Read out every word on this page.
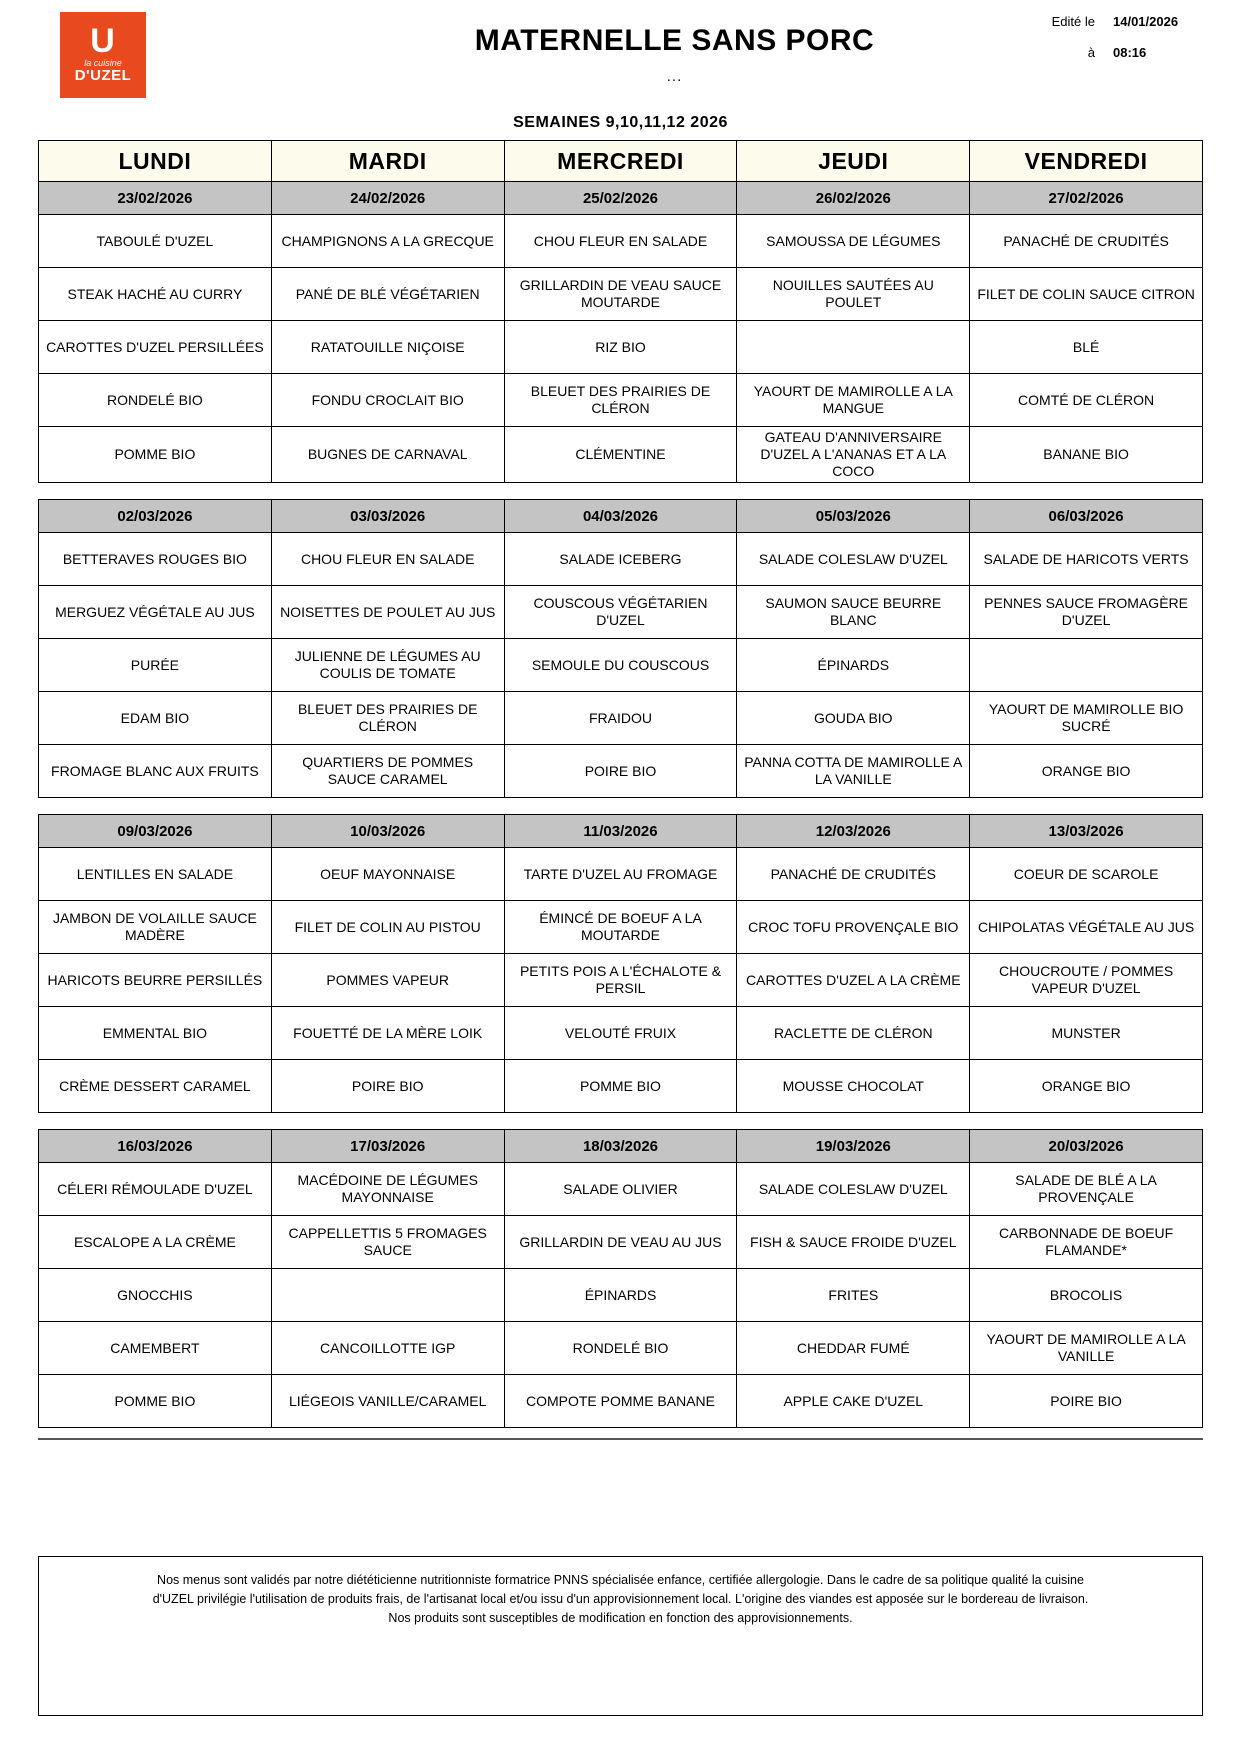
U
la cuisine
D'UZEL
MATERNELLE SANS PORC
...
Edité le 14/01/2026
à 08:16
SEMAINES 9,10,11,12 2026
LUNDI	MARDI	MERCREDI	JEUDI	VENDREDI
23/02/2026	24/02/2026	25/02/2026	26/02/2026	27/02/2026
TABOULÉ D'UZEL	CHAMPIGNONS A LA GRECQUE	CHOU FLEUR EN SALADE	SAMOUSSA DE LÉGUMES	PANACHÉ DE CRUDITÉS
STEAK HACHÉ AU CURRY	PANÉ DE BLÉ VÉGÉTARIEN	GRILLARDIN DE VEAU SAUCE MOUTARDE	NOUILLES SAUTÉES AU POULET	FILET DE COLIN SAUCE CITRON
CAROTTES D'UZEL PERSILLÉES	RATATOUILLE NIÇOISE	RIZ BIO		BLÉ
RONDELÉ BIO	FONDU CROCLAIT BIO	BLEUET DES PRAIRIES DE CLÉRON	YAOURT DE MAMIROLLE A LA MANGUE	COMTÉ DE CLÉRON
POMME BIO	BUGNES DE CARNAVAL	CLÉMENTINE	GATEAU D'ANNIVERSAIRE D'UZEL A L'ANANAS ET A LA COCO	BANANE BIO

02/03/2026	03/03/2026	04/03/2026	05/03/2026	06/03/2026
BETTERAVES ROUGES BIO	CHOU FLEUR EN SALADE	SALADE ICEBERG	SALADE COLESLAW D'UZEL	SALADE DE HARICOTS VERTS
MERGUEZ VÉGÉTALE AU JUS	NOISETTES DE POULET AU JUS	COUSCOUS VÉGÉTARIEN D'UZEL	SAUMON SAUCE BEURRE BLANC	PENNES SAUCE FROMAGÈRE D'UZEL
PURÉE	JULIENNE DE LÉGUMES AU COULIS DE TOMATE	SEMOULE DU COUSCOUS	ÉPINARDS	
EDAM BIO	BLEUET DES PRAIRIES DE CLÉRON	FRAIDOU	GOUDA BIO	YAOURT DE MAMIROLLE BIO SUCRÉ
FROMAGE BLANC AUX FRUITS	QUARTIERS DE POMMES SAUCE CARAMEL	POIRE BIO	PANNA COTTA DE MAMIROLLE A LA VANILLE	ORANGE BIO

09/03/2026	10/03/2026	11/03/2026	12/03/2026	13/03/2026
LENTILLES EN SALADE	OEUF MAYONNAISE	TARTE D'UZEL AU FROMAGE	PANACHÉ DE CRUDITÉS	COEUR DE SCAROLE
JAMBON DE VOLAILLE SAUCE MADÈRE	FILET DE COLIN AU PISTOU	ÉMINCÉ DE BOEUF A LA MOUTARDE	CROC TOFU PROVENÇALE BIO	CHIPOLATAS VÉGÉTALE AU JUS
HARICOTS BEURRE PERSILLÉS	POMMES VAPEUR	PETITS POIS A L'ÉCHALOTE & PERSIL	CAROTTES D'UZEL A LA CRÈME	CHOUCROUTE / POMMES VAPEUR D'UZEL
EMMENTAL BIO	FOUETTÉ DE LA MÈRE LOIK	VELOUTÉ FRUIX	RACLETTE DE CLÉRON	MUNSTER
CRÈME DESSERT CARAMEL	POIRE BIO	POMME BIO	MOUSSE CHOCOLAT	ORANGE BIO

16/03/2026	17/03/2026	18/03/2026	19/03/2026	20/03/2026
CÉLERI RÉMOULADE D'UZEL	MACÉDOINE DE LÉGUMES MAYONNAISE	SALADE OLIVIER	SALADE COLESLAW D'UZEL	SALADE DE BLÉ A LA PROVENÇALE
ESCALOPE A LA CRÈME	CAPPELLETTIS 5 FROMAGES SAUCE	GRILLARDIN DE VEAU AU JUS	FISH & SAUCE FROIDE D'UZEL	CARBONNADE DE BOEUF FLAMANDE*
GNOCCHIS		ÉPINARDS	FRITES	BROCOLIS
CAMEMBERT	CANCOILLOTTE IGP	RONDELÉ BIO	CHEDDAR FUMÉ	YAOURT DE MAMIROLLE A LA VANILLE
POMME BIO	LIÉGEOIS VANILLE/CARAMEL	COMPOTE POMME BANANE	APPLE CAKE D'UZEL	POIRE BIO
Nos menus sont validés par notre diététicienne nutritionniste formatrice PNNS spécialisée enfance, certifiée allergologie. Dans le cadre de sa politique qualité la cuisine
d'UZEL privilégie l'utilisation de produits frais, de l'artisanat local et/ou issu d'un approvisionnement local. L'origine des viandes est apposée sur le bordereau de livraison.
Nos produits sont susceptibles de modification en fonction des approvisionnements.
